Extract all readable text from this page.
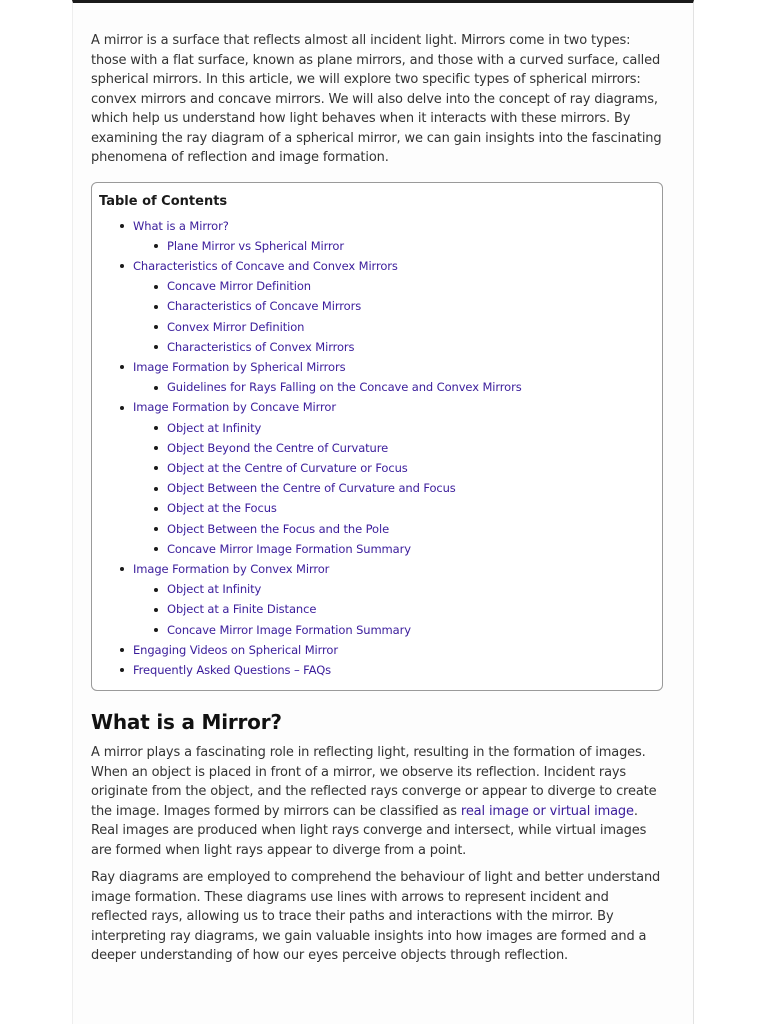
A mirror is a surface that reflects almost all incident light. Mirrors come in two types: those with a flat surface, known as plane mirrors, and those with a curved surface, called spherical mirrors. In this article, we will explore two specific types of spherical mirrors: convex mirrors and concave mirrors. We will also delve into the concept of ray diagrams, which help us understand how light behaves when it interacts with these mirrors. By examining the ray diagram of a spherical mirror, we can gain insights into the fascinating phenomena of reflection and image formation.

Table of Contents
What is a Mirror?
Plane Mirror vs Spherical Mirror
Characteristics of Concave and Convex Mirrors
Concave Mirror Definition
Characteristics of Concave Mirrors
Convex Mirror Definition
Characteristics of Convex Mirrors
Image Formation by Spherical Mirrors
Guidelines for Rays Falling on the Concave and Convex Mirrors
Image Formation by Concave Mirror
Object at Infinity
Object Beyond the Centre of Curvature
Object at the Centre of Curvature or Focus
Object Between the Centre of Curvature and Focus
Object at the Focus
Object Between the Focus and the Pole
Concave Mirror Image Formation Summary
Image Formation by Convex Mirror
Object at Infinity
Object at a Finite Distance
Concave Mirror Image Formation Summary
Engaging Videos on Spherical Mirror
Frequently Asked Questions – FAQs
What is a Mirror?

A mirror plays a fascinating role in reflecting light, resulting in the formation of images. When an object is placed in front of a mirror, we observe its reflection. Incident rays originate from the object, and the reflected rays converge or appear to diverge to create the image. Images formed by mirrors can be classified as real image or virtual image. Real images are produced when light rays converge and intersect, while virtual images are formed when light rays appear to diverge from a point.

Ray diagrams are employed to comprehend the behaviour of light and better understand image formation. These diagrams use lines with arrows to represent incident and reflected rays, allowing us to trace their paths and interactions with the mirror. By interpreting ray diagrams, we gain valuable insights into how images are formed and a deeper understanding of how our eyes perceive objects through reflection.
